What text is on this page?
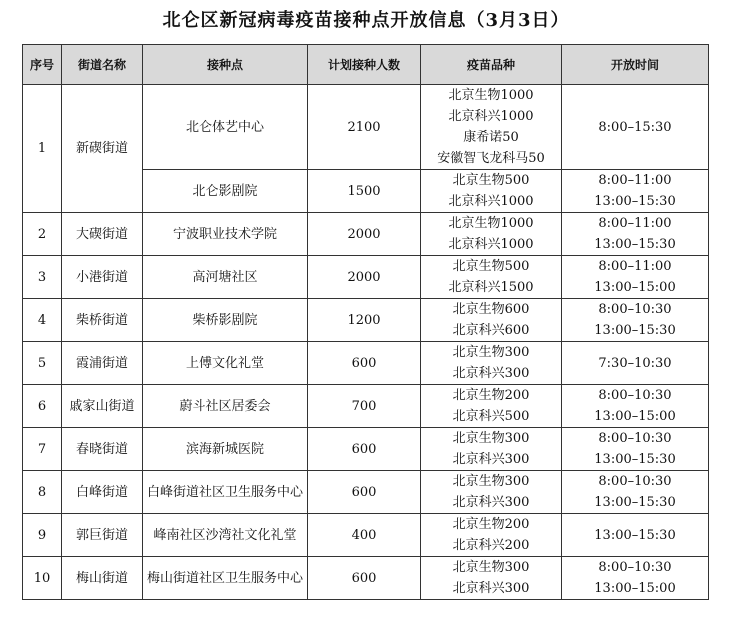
北仑区新冠病毒疫苗接种点开放信息（3月3日）
序号	街道名称	接种点	计划接种人数	疫苗品种	开放时间
1	新碶街道	北仑体艺中心	2100	北京生物1000
北京科兴1000
康希诺50
安徽智飞龙科马50	8:00–15:30

		北仑影剧院	1500	北京生物500
北京科兴1000	8:00–11:00
13:00–15:30

2	大碶街道	宁波职业技术学院	2000	北京生物1000
北京科兴1000	8:00–11:00
13:00–15:30

3	小港街道	高河塘社区	2000	北京生物500
北京科兴1500	8:00–11:00
13:00–15:00

4	柴桥街道	柴桥影剧院	1200	北京生物600
北京科兴600	8:00–10:30
13:00–15:30

5	霞浦街道	上傅文化礼堂	600	北京生物300
北京科兴300	7:30–10:30

6	戚家山街道	蔚斗社区居委会	700	北京生物200
北京科兴500	8:00–10:30
13:00–15:00

7	春晓街道	滨海新城医院	600	北京生物300
北京科兴300	8:00–10:30
13:00–15:30

8	白峰街道	白峰街道社区卫生服务中心	600	北京生物300
北京科兴300	8:00–10:30
13:00–15:30

9	郭巨街道	峰南社区沙湾社文化礼堂	400	北京生物200
北京科兴200	13:00–15:30

10	梅山街道	梅山街道社区卫生服务中心	600	北京生物300
北京科兴300	8:00–10:30
13:00–15:00
